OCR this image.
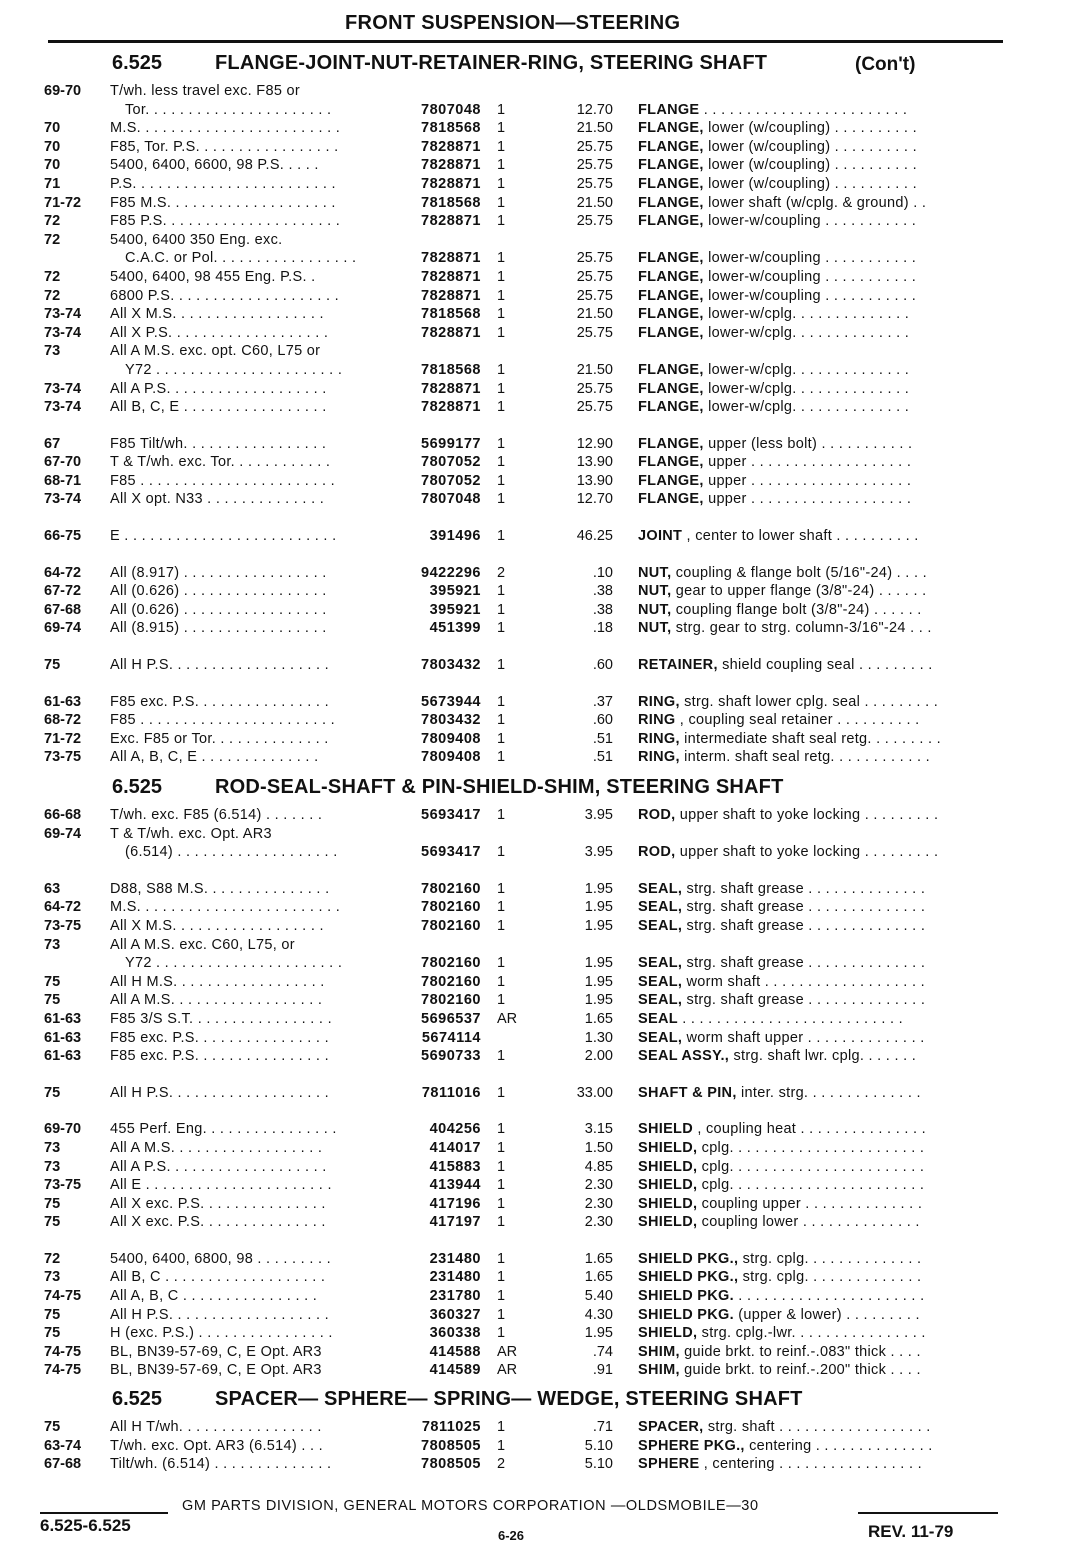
FRONT SUSPENSION—STEERING
6.525	FLANGE-JOINT-NUT-RETAINER-RING, STEERING SHAFT	(Con't)
69-70	T/wh. less travel exc. F85 or
Tor. . . . . . . . . . . . . . . . . . . . . .	7807048 1	12.70 FLANGE . . . . . . . . . . . . . . . . . . . . . . . .
70	M.S. . . . . . . . . . . . . . . . . . . . . . . .	7818568 1	21.50 FLANGE, lower (w/coupling) . . . . . . . . . .
70	F85, Tor. P.S. . . . . . . . . . . . . . . . .	7828871 1	25.75 FLANGE, lower (w/coupling) . . . . . . . . . .
70	5400, 6400, 6600, 98 P.S. . . . .	7828871 1	25.75 FLANGE, lower (w/coupling) . . . . . . . . . .
71	P.S. . . . . . . . . . . . . . . . . . . . . . . .	7828871 1	25.75 FLANGE, lower (w/coupling) . . . . . . . . . .
71-72	F85 M.S. . . . . . . . . . . . . . . . . . . .	7818568 1	21.50 FLANGE, lower shaft (w/cplg. & ground) . .
72	F85 P.S. . . . . . . . . . . . . . . . . . . . .	7828871 1	25.75 FLANGE, lower-w/coupling . . . . . . . . . . .
72	5400, 6400 350 Eng. exc.
C.A.C. or Pol. . . . . . . . . . . . . . . . .	7828871 1	25.75 FLANGE, lower-w/coupling . . . . . . . . . . .
72	5400, 6400, 98 455 Eng. P.S. .	7828871 1	25.75 FLANGE, lower-w/coupling . . . . . . . . . . .
72	6800 P.S. . . . . . . . . . . . . . . . . . . .	7828871 1	25.75 FLANGE, lower-w/coupling . . . . . . . . . . .
73-74	All X M.S. . . . . . . . . . . . . . . . . .	7818568 1	21.50 FLANGE, lower-w/cplg. . . . . . . . . . . . . .
73-74	All X P.S. . . . . . . . . . . . . . . . . . .	7828871 1	25.75 FLANGE, lower-w/cplg. . . . . . . . . . . . . .
73	All A M.S. exc. opt. C60, L75 or
Y72 . . . . . . . . . . . . . . . . . . . . . .	7818568 1	21.50 FLANGE, lower-w/cplg. . . . . . . . . . . . . .
73-74	All A P.S. . . . . . . . . . . . . . . . . . .	7828871 1	25.75 FLANGE, lower-w/cplg. . . . . . . . . . . . . .
73-74	All B, C, E . . . . . . . . . . . . . . . . .	7828871 1	25.75 FLANGE, lower-w/cplg. . . . . . . . . . . . . .
67	F85 Tilt/wh. . . . . . . . . . . . . . . . .	5699177 1	12.90 FLANGE, upper (less bolt) . . . . . . . . . . .
67-70	T & T/wh. exc. Tor. . . . . . . . . . . .	7807052 1	13.90 FLANGE, upper . . . . . . . . . . . . . . . . . . .
68-71	F85 . . . . . . . . . . . . . . . . . . . . . . .	7807052 1	13.90 FLANGE, upper . . . . . . . . . . . . . . . . . . .
73-74	All X opt. N33 . . . . . . . . . . . . . .	7807048 1	12.70 FLANGE, upper . . . . . . . . . . . . . . . . . . .
66-75	E . . . . . . . . . . . . . . . . . . . . . . . . .	391496 1	46.25 JOINT , center to lower shaft . . . . . . . . . .
64-72	All (8.917) . . . . . . . . . . . . . . . . .	9422296 2	.10 NUT, coupling & flange bolt (5/16"-24) . . . .
67-72	All (0.626) . . . . . . . . . . . . . . . . .	395921 1	.38 NUT, gear to upper flange (3/8"-24) . . . . . .
67-68	All (0.626) . . . . . . . . . . . . . . . . .	395921 1	.38 NUT, coupling flange bolt (3/8"-24) . . . . . .
69-74	All (8.915) . . . . . . . . . . . . . . . . .	451399 1	.18 NUT, strg. gear to strg. column-3/16"-24 . . .
75	All H P.S. . . . . . . . . . . . . . . . . . .	7803432 1	.60 RETAINER, shield coupling seal . . . . . . . . .
61-63	F85 exc. P.S. . . . . . . . . . . . . . . .	5673944 1	.37 RING, strg. shaft lower cplg. seal . . . . . . . . .
68-72	F85 . . . . . . . . . . . . . . . . . . . . . . .	7803432 1	.60 RING , coupling seal retainer . . . . . . . . . .
71-72	Exc. F85 or Tor. . . . . . . . . . . . . .	7809408 1	.51 RING, intermediate shaft seal retg. . . . . . . . .
73-75	All A, B, C, E . . . . . . . . . . . . . .	7809408 1	.51 RING, interm. shaft seal retg. . . . . . . . . . . .
6.525	ROD-SEAL-SHAFT & PIN-SHIELD-SHIM, STEERING SHAFT
66-68	T/wh. exc. F85 (6.514) . . . . . . .	5693417 1	3.95 ROD, upper shaft to yoke locking . . . . . . . . .
69-74	T & T/wh. exc. Opt. AR3
(6.514) . . . . . . . . . . . . . . . . . . .	5693417 1	3.95 ROD, upper shaft to yoke locking . . . . . . . . .
63	D88, S88 M.S. . . . . . . . . . . . . . .	7802160 1	1.95 SEAL, strg. shaft grease . . . . . . . . . . . . . .
64-72	M.S. . . . . . . . . . . . . . . . . . . . . . . .	7802160 1	1.95 SEAL, strg. shaft grease . . . . . . . . . . . . . .
73-75	All X M.S. . . . . . . . . . . . . . . . . .	7802160 1	1.95 SEAL, strg. shaft grease . . . . . . . . . . . . . .
73	All A M.S. exc. C60, L75, or
Y72 . . . . . . . . . . . . . . . . . . . . . .	7802160 1	1.95 SEAL, strg. shaft grease . . . . . . . . . . . . . .
75	All H M.S. . . . . . . . . . . . . . . . . .	7802160 1	1.95 SEAL, worm shaft . . . . . . . . . . . . . . . . . . .
75	All A M.S. . . . . . . . . . . . . . . . . .	7802160 1	1.95 SEAL, strg. shaft grease . . . . . . . . . . . . . .
61-63	F85 3/S S.T. . . . . . . . . . . . . . . . .	5696537 AR	1.65 SEAL . . . . . . . . . . . . . . . . . . . . . . . . . .
61-63	F85 exc. P.S. . . . . . . . . . . . . . . .	5674114	1.30 SEAL, worm shaft upper . . . . . . . . . . . . . .
61-63	F85 exc. P.S. . . . . . . . . . . . . . . .	5690733 1	2.00 SEAL ASSY., strg. shaft lwr. cplg. . . . . . .
75	All H P.S. . . . . . . . . . . . . . . . . . .	7811016 1	33.00 SHAFT & PIN, inter. strg. . . . . . . . . . . . . .
69-70	455 Perf. Eng. . . . . . . . . . . . . . . .	404256 1	3.15 SHIELD , coupling heat . . . . . . . . . . . . . . .
73	All A M.S. . . . . . . . . . . . . . . . . .	414017 1	1.50 SHIELD, cplg. . . . . . . . . . . . . . . . . . . . . . .
73	All A P.S. . . . . . . . . . . . . . . . . . .	415883 1	4.85 SHIELD, cplg. . . . . . . . . . . . . . . . . . . . . . .
73-75	All E . . . . . . . . . . . . . . . . . . . . . .	413944 1	2.30 SHIELD, cplg. . . . . . . . . . . . . . . . . . . . . . .
75	All X exc. P.S. . . . . . . . . . . . . . .	417196 1	2.30 SHIELD, coupling upper . . . . . . . . . . . . . .
75	All X exc. P.S. . . . . . . . . . . . . . .	417197 1	2.30 SHIELD, coupling lower . . . . . . . . . . . . . .
72	5400, 6400, 6800, 98 . . . . . . . . .	231480 1	1.65 SHIELD PKG., strg. cplg. . . . . . . . . . . . . .
73	All B, C . . . . . . . . . . . . . . . . . . .	231480 1	1.65 SHIELD PKG., strg. cplg. . . . . . . . . . . . . .
74-75	All A, B, C . . . . . . . . . . . . . . . .	231780 1	5.40 SHIELD PKG. . . . . . . . . . . . . . . . . . . . . . .
75	All H P.S. . . . . . . . . . . . . . . . . . .	360327 1	4.30 SHIELD PKG. (upper & lower) . . . . . . . . .
75	H (exc. P.S.) . . . . . . . . . . . . . . . .	360338 1	1.95 SHIELD, strg. cplg.-lwr. . . . . . . . . . . . . . . .
74-75	BL, BN39-57-69, C, E Opt. AR3	414588 AR	.74 SHIM, guide brkt. to reinf.-.083" thick . . . .
74-75	BL, BN39-57-69, C, E Opt. AR3	414589 AR	.91 SHIM, guide brkt. to reinf.-.200" thick . . . .
6.525	SPACER— SPHERE— SPRING— WEDGE, STEERING SHAFT
75	All H T/wh. . . . . . . . . . . . . . . . .	7811025 1	.71 SPACER, strg. shaft . . . . . . . . . . . . . . . . . .
63-74	T/wh. exc. Opt. AR3 (6.514) . . .	7808505 1	5.10 SPHERE PKG., centering . . . . . . . . . . . . . .
67-68	Tilt/wh. (6.514) . . . . . . . . . . . . . .	7808505 2	5.10 SPHERE , centering . . . . . . . . . . . . . . . . .
GM PARTS DIVISION, GENERAL MOTORS CORPORATION —OLDSMOBILE—30
6.525-6.525
6-26	REV. 11-79
